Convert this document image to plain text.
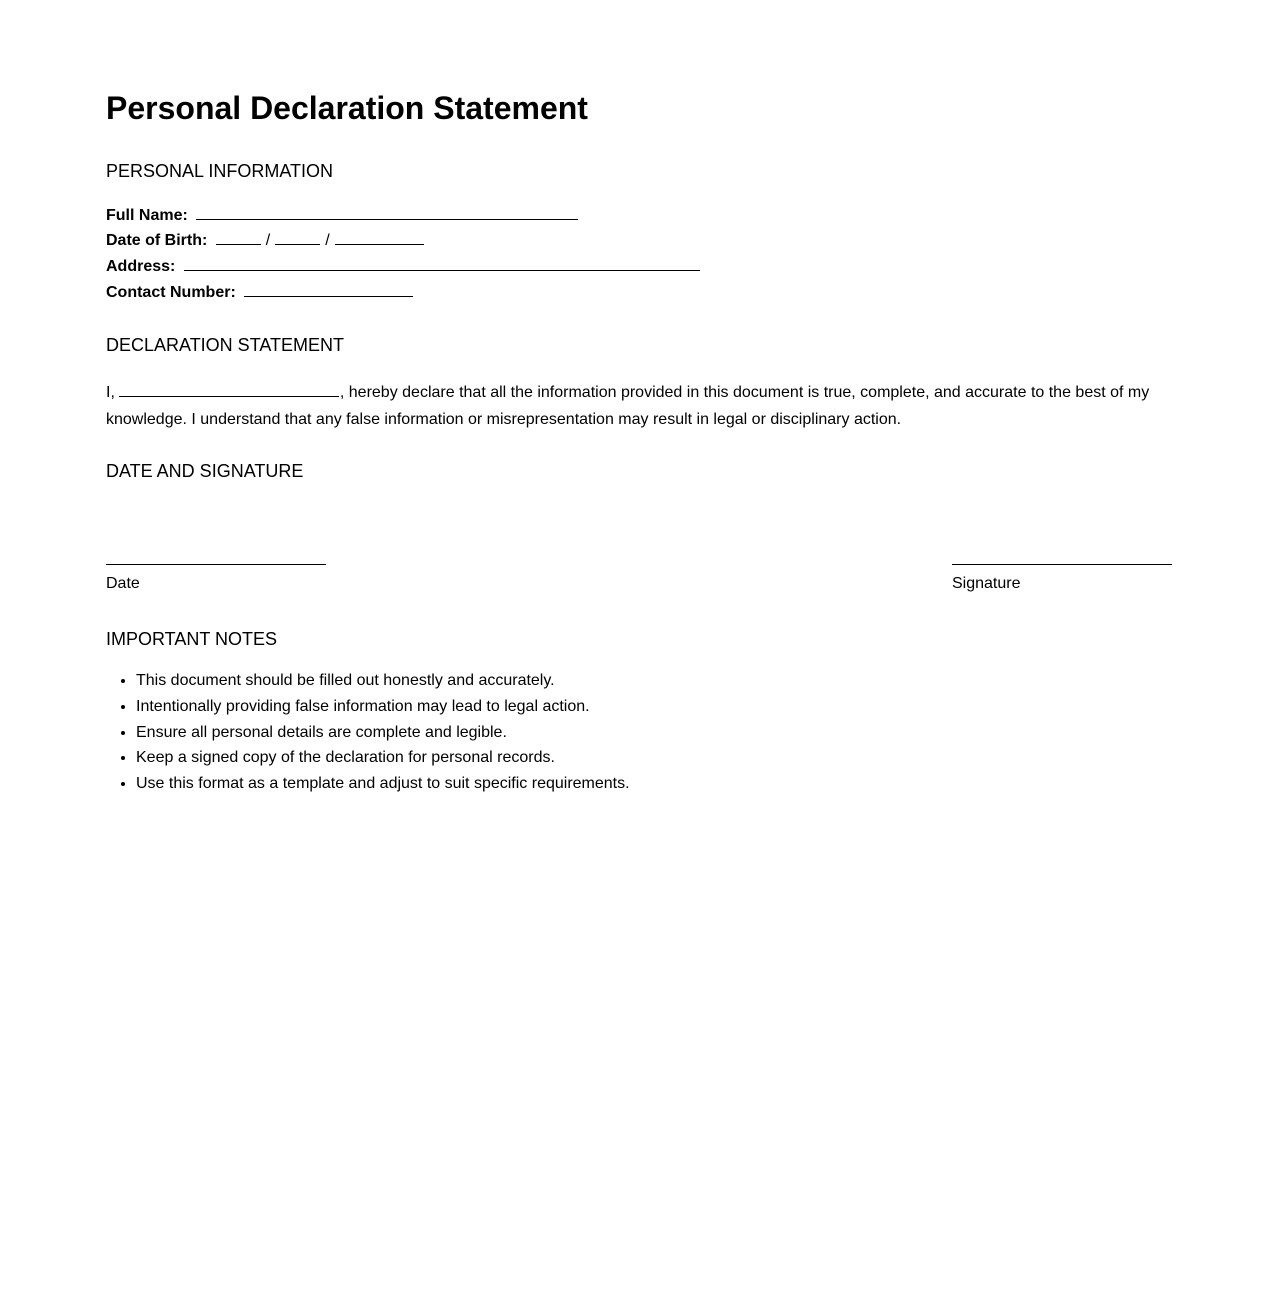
Personal Declaration Statement
PERSONAL INFORMATION
Full Name:
Date of Birth:	/	/
Address:
Contact Number:
DECLARATION STATEMENT

I,	, hereby declare that all the information provided in this document is true, complete, and accurate to the best of my knowledge. I understand that any false information or misrepresentation may result in legal or disciplinary action.

DATE AND SIGNATURE
Date	Signature
IMPORTANT NOTES
• This document should be filled out honestly and accurately.
• Intentionally providing false information may lead to legal action.
• Ensure all personal details are complete and legible.
• Keep a signed copy of the declaration for personal records.
• Use this format as a template and adjust to suit specific requirements.
